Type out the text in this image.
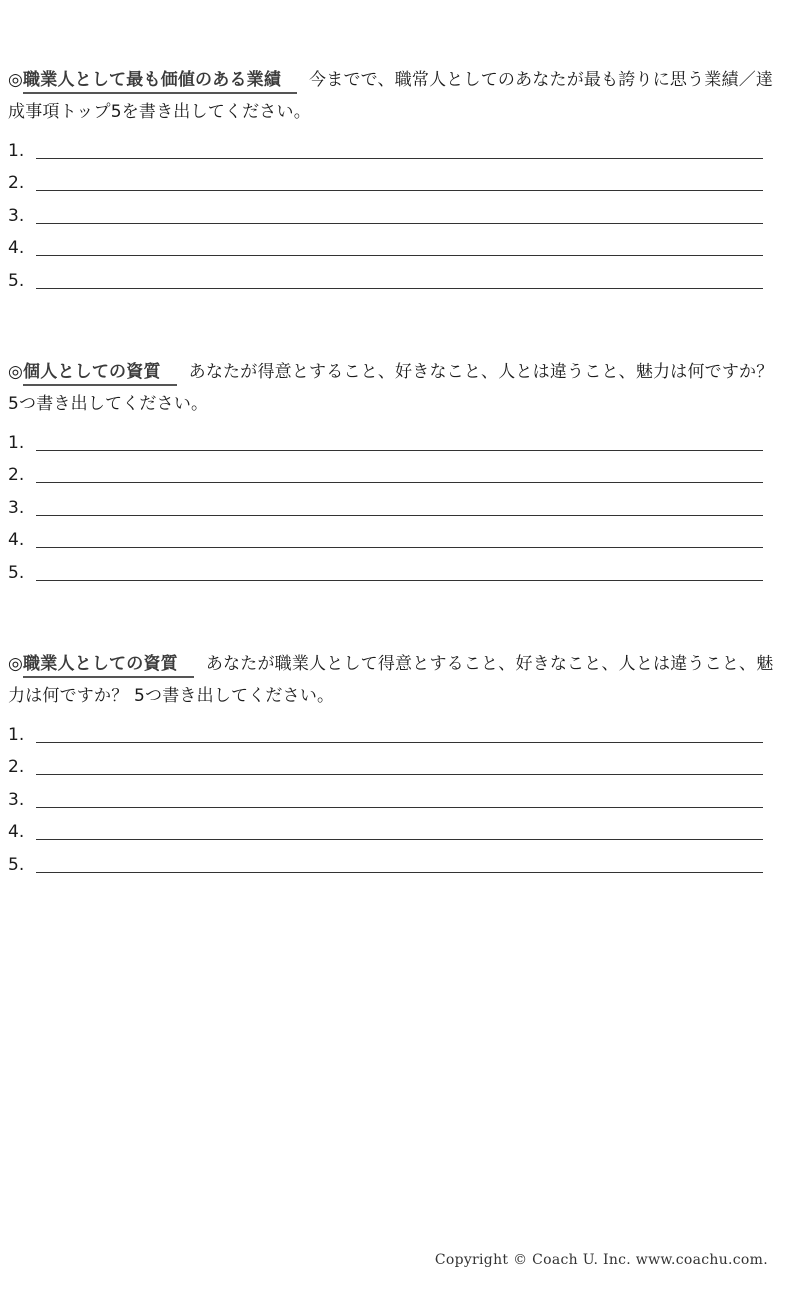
◎職業人として最も価値のある業績 今までで、職常人としてのあなたが最も誇りに思う業績／達成事項トップ5を書き出してください。

1.
2.
3.
4.
5.

◎個人としての資質 あなたが得意とすること、好きなこと、人とは違うこと、魅力は何ですか？ 5つ書き出してください。

1.
2.
3.
4.
5.

◎職業人としての資質 あなたが職業人として得意とすること、好きなこと、人とは違うこと、魅力は何ですか？ 5つ書き出してください。

1.
2.
3.
4.
5.
Copyright © Coach U. Inc. www.coachu.com.
